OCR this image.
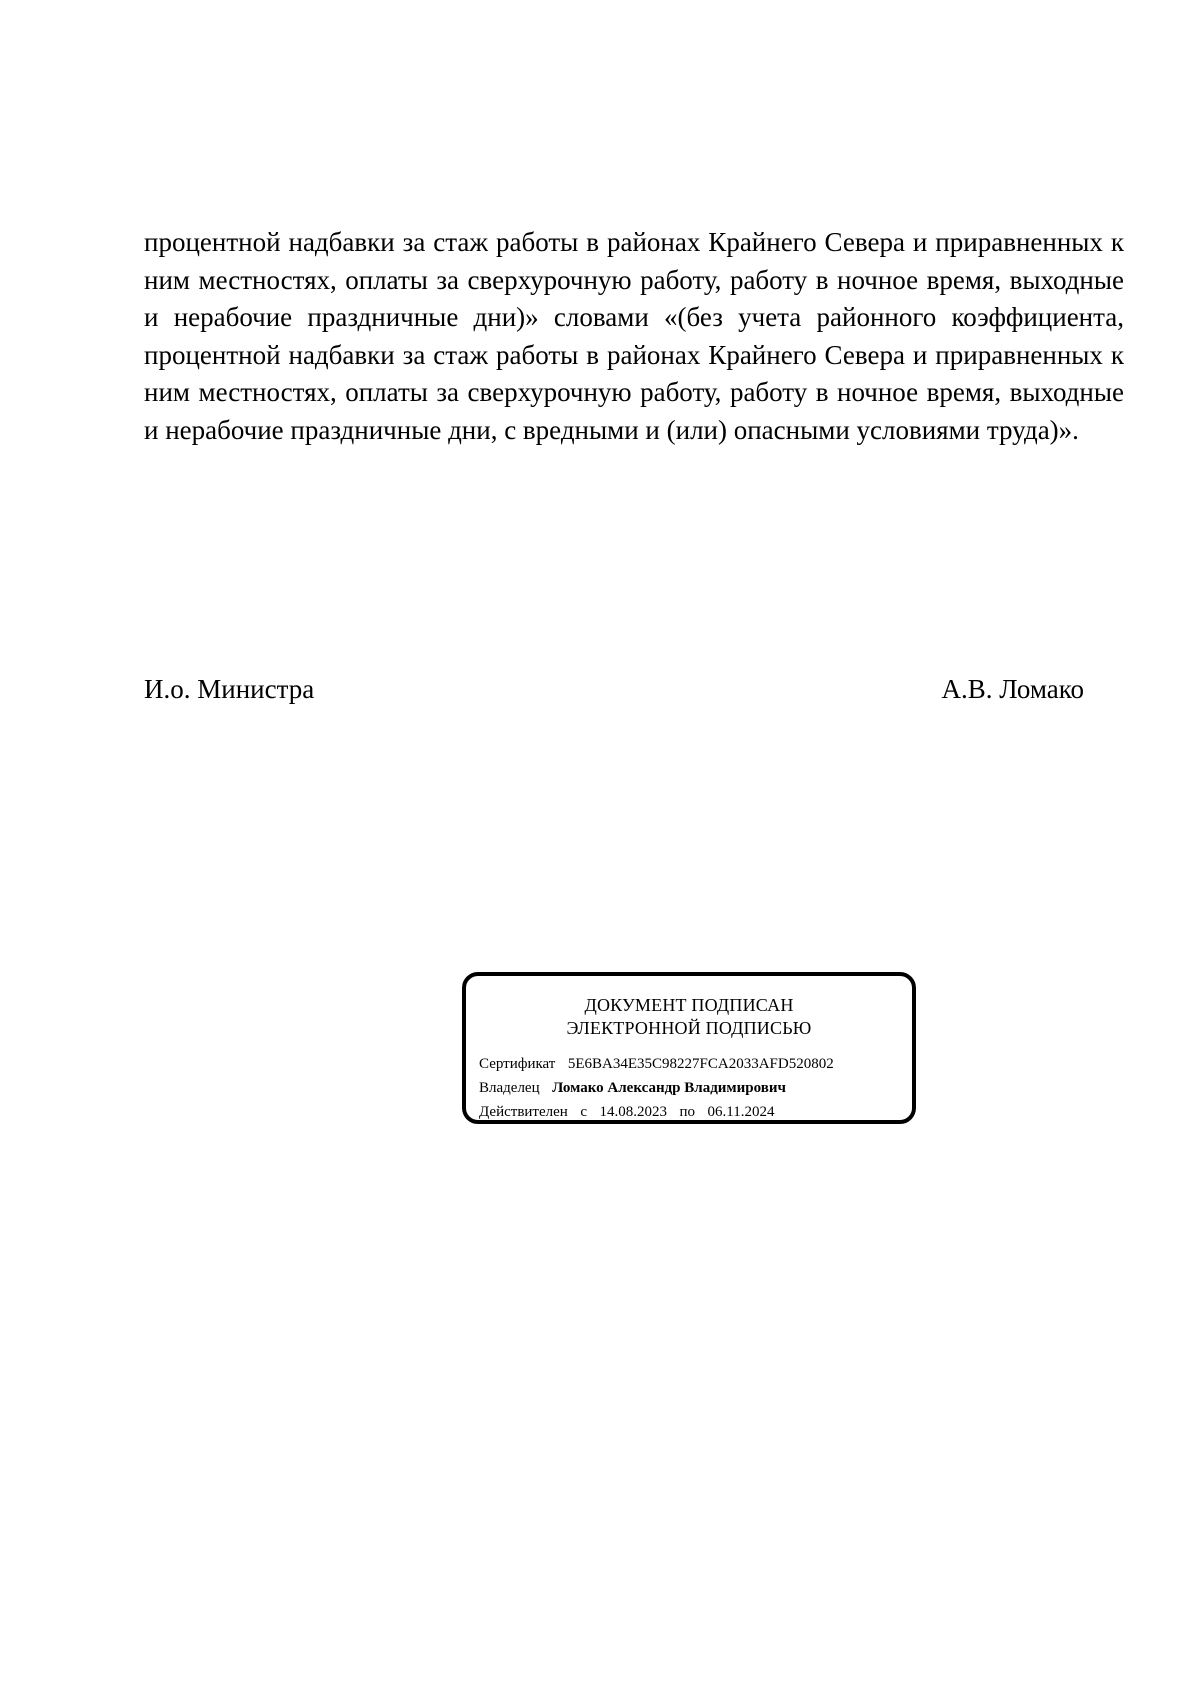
процентной надбавки за стаж работы в районах Крайнего Севера и приравненных к ним местностях, оплаты за сверхурочную работу, работу в ночное время, выходные и нерабочие праздничные дни)» словами «(без учета районного коэффициента, процентной надбавки за стаж работы в районах Крайнего Севера и приравненных к ним местностях, оплаты за сверхурочную работу, работу в ночное время, выходные и нерабочие праздничные дни, с вредными и (или) опасными условиями труда)».

И.о. Министра	А.В. Ломако
ДОКУМЕНТ ПОДПИСАН
ЭЛЕКТРОННОЙ ПОДПИСЬЮ
Сертификат 5E6BA34E35C98227FCA2033AFD520802
Владелец Ломако Александр Владимирович
Действителен с 14.08.2023 по 06.11.2024
